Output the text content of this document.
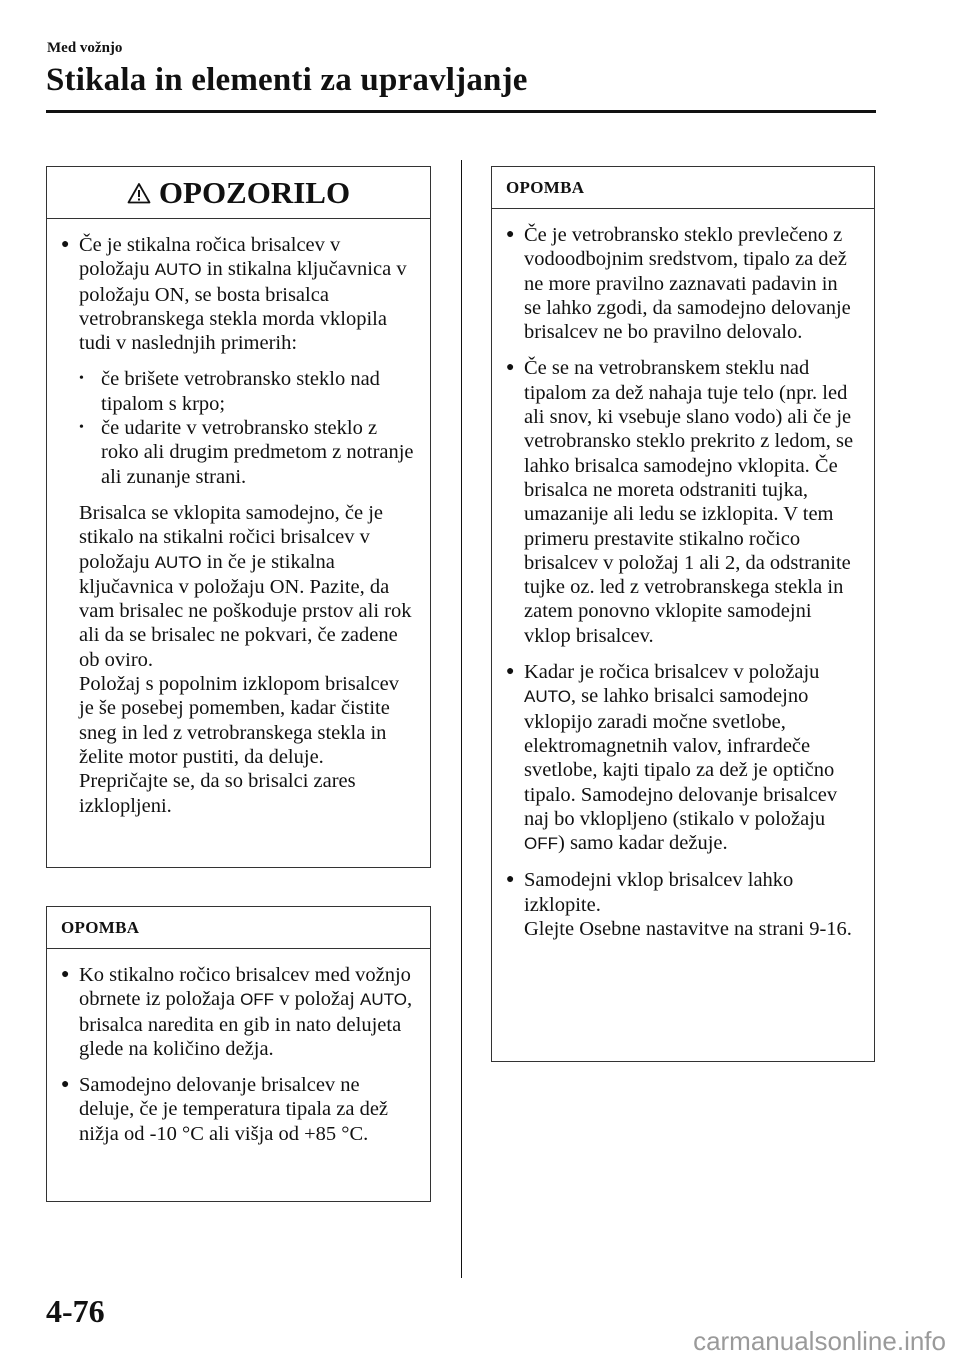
Med vožnjo
Stikala in elementi za upravljanje
OPOZORILO
● Če je stikalna ročica brisalcev v položaju AUTO in stikalna ključavnica v položaju ON, se bosta brisalca vetrobranskega stekla morda vklopila tudi v naslednjih primerih:
• če brišete vetrobransko steklo nad tipalom s krpo;
• če udarite v vetrobransko steklo z roko ali drugim predmetom z notranje ali zunanje strani.
Brisalca se vklopita samodejno, če je stikalo na stikalni ročici brisalcev v položaju AUTO in če je stikalna ključavnica v položaju ON. Pazite, da vam brisalec ne poškoduje prstov ali rok ali da se brisalec ne pokvari, če zadene ob oviro.
Položaj s popolnim izklopom brisalcev je še posebej pomemben, kadar čistite sneg in led z vetrobranskega stekla in želite motor pustiti, da deluje. Prepričajte se, da so brisalci zares izklopljeni.
OPOMBA
● Ko stikalno ročico brisalcev med vožnjo obrnete iz položaja OFF v položaj AUTO, brisalca naredita en gib in nato delujeta glede na količino dežja.
● Samodejno delovanje brisalcev ne deluje, če je temperatura tipala za dež nižja od -10 °C ali višja od +85 °C.
OPOMBA
● Če je vetrobransko steklo prevlečeno z vodoodbojnim sredstvom, tipalo za dež ne more pravilno zaznavati padavin in se lahko zgodi, da samodejno delovanje brisalcev ne bo pravilno delovalo.
● Če se na vetrobranskem steklu nad tipalom za dež nahaja tuje telo (npr. led ali snov, ki vsebuje slano vodo) ali če je vetrobransko steklo prekrito z ledom, se lahko brisalca samodejno vklopita. Če brisalca ne moreta odstraniti tujka, umazanije ali ledu se izklopita. V tem primeru prestavite stikalno ročico brisalcev v položaj 1 ali 2, da odstranite tujke oz. led z vetrobranskega stekla in zatem ponovno vklopite samodejni vklop brisalcev.
● Kadar je ročica brisalcev v položaju AUTO, se lahko brisalci samodejno vklopijo zaradi močne svetlobe, elektromagnetnih valov, infrardeče svetlobe, kajti tipalo za dež je optično tipalo. Samodejno delovanje brisalcev naj bo vklopljeno (stikalo v položaju OFF) samo kadar dežuje.
● Samodejni vklop brisalcev lahko izklopite.
Glejte Osebne nastavitve na strani 9-16.
4-76
carmanualsonline.info
